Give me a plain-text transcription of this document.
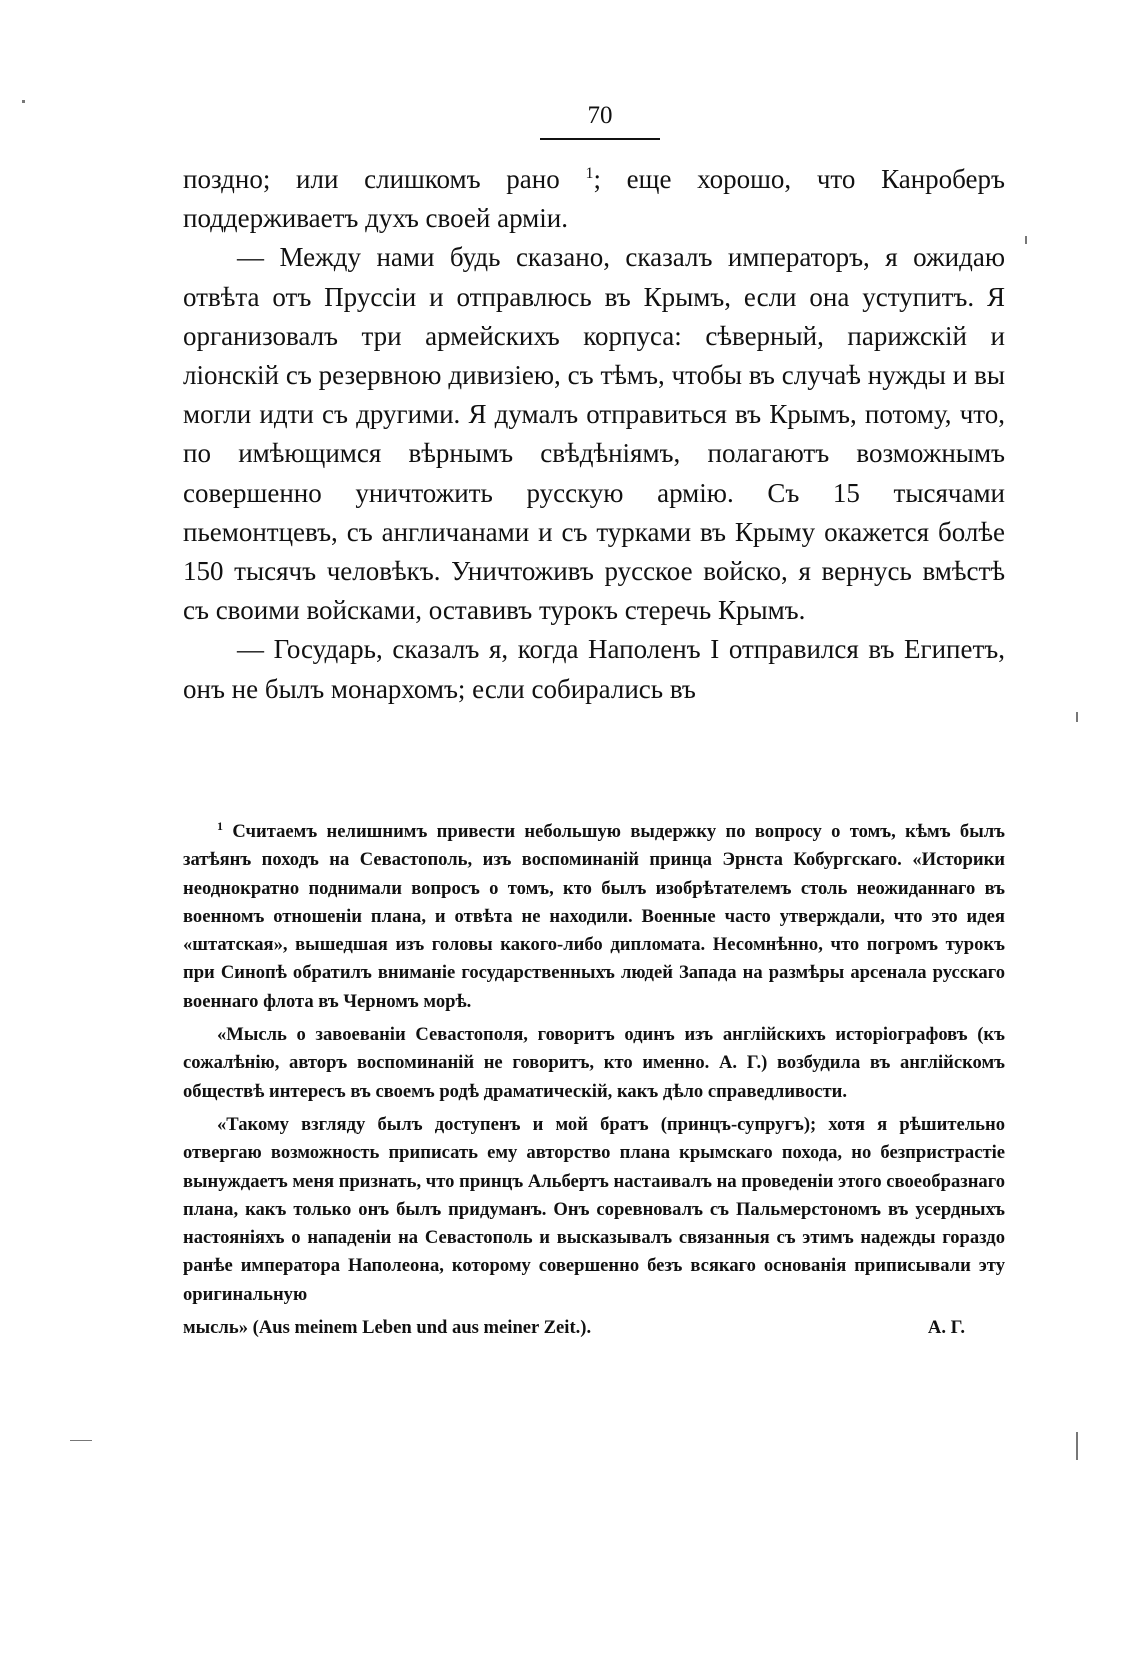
70

поздно; или слишкомъ рано $^1$; еще хорошо, что Канроберъ поддерживаетъ духъ своей арміи.

— Между нами будь сказано, сказалъ императоръ, я ожидаю отвѣта отъ Пруссіи и отправлюсь въ Крымъ, если она уступитъ. Я организовалъ три армейскихъ корпуса: сѣверный, парижскій и ліонскій съ резервною дивизіею, съ тѣмъ, чтобы въ случаѣ нужды и вы могли идти съ другими. Я думалъ отправиться въ Крымъ, потому, что, по имѣющимся вѣрнымъ свѣдѣніямъ, полагаютъ возможнымъ совершенно уничтожить русскую армію. Съ 15 тысячами пьемонтцевъ, съ англичанами и съ турками въ Крыму окажется болѣе 150 тысячъ человѣкъ. Уничтоживъ русское войско, я вернусь вмѣстѣ съ своими войсками, оставивъ турокъ стеречь Крымъ.

— Государь, сказалъ я, когда Наполенъ I отправился въ Египетъ, онъ не былъ монархомъ; если собирались въ

$^1$ Считаемъ нелишнимъ привести небольшую выдержку по вопросу о томъ, кѣмъ былъ затѣянъ походъ на Севастополь, изъ воспоминаній принца Эрнста Кобургскаго. «Историки неоднократно поднимали вопросъ о томъ, кто былъ изобрѣтателемъ столь неожиданнаго въ военномъ отношеніи плана, и отвѣта не находили. Военные часто утверждали, что это идея «штатская», вышедшая изъ головы какого-либо дипломата. Несомнѣнно, что погромъ турокъ при Синопѣ обратилъ вниманіе государственныхъ людей Запада на размѣры арсенала русскаго военнаго флота въ Черномъ морѣ.

«Мысль о завоеваніи Севастополя, говоритъ одинъ изъ англійскихъ исторіографовъ (къ сожалѣнію, авторъ воспоминаній не говоритъ, кто именно. А. Г.) возбудила въ англійскомъ обществѣ интересъ въ своемъ родѣ драматическій, какъ дѣло справедливости.

«Такому взгляду былъ доступенъ и мой братъ (принцъ-супругъ); хотя я рѣшительно отвергаю возможность приписать ему авторство плана крымскаго похода, но безпристрастіе вынуждаетъ меня признать, что принцъ Альбертъ настаивалъ на проведеніи этого своеобразнаго плана, какъ только онъ былъ придуманъ. Онъ соревновалъ съ Пальмерстономъ въ усердныхъ настояніяхъ о нападеніи на Севастополь и высказывалъ связанныя съ этимъ надежды гораздо ранѣе императора Наполеона, которому совершенно безъ всякаго основанія приписывали эту оригинальную

мысль» (Aus meinem Leben und aus meiner Zeit.).	А. Г.
